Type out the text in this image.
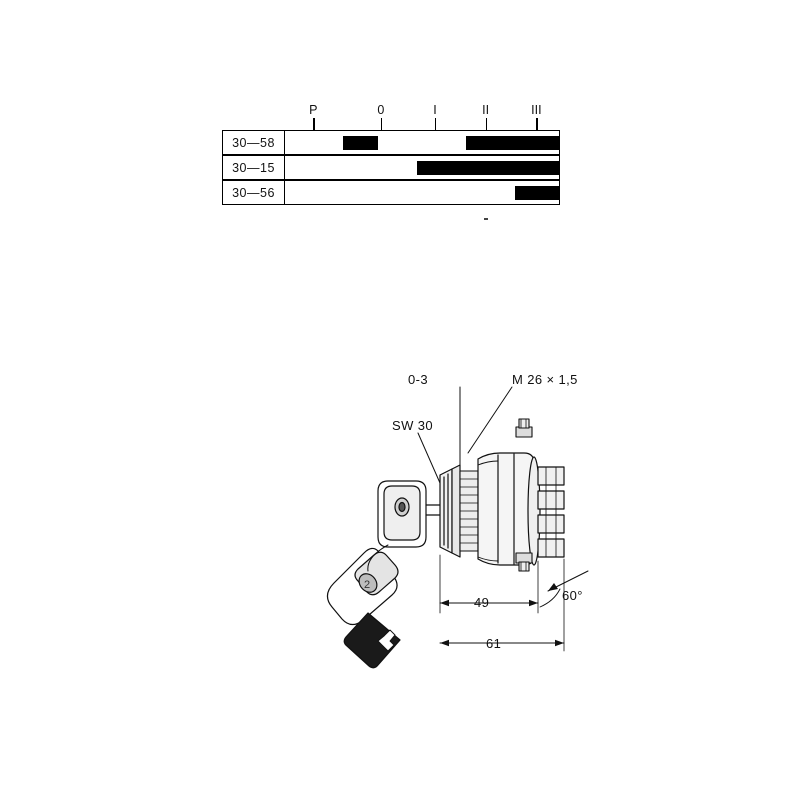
P	0	I	II	III
30—58
30—15
30—56
0-3	M 26 × 1,5
SW 30
49
61
60°
2
